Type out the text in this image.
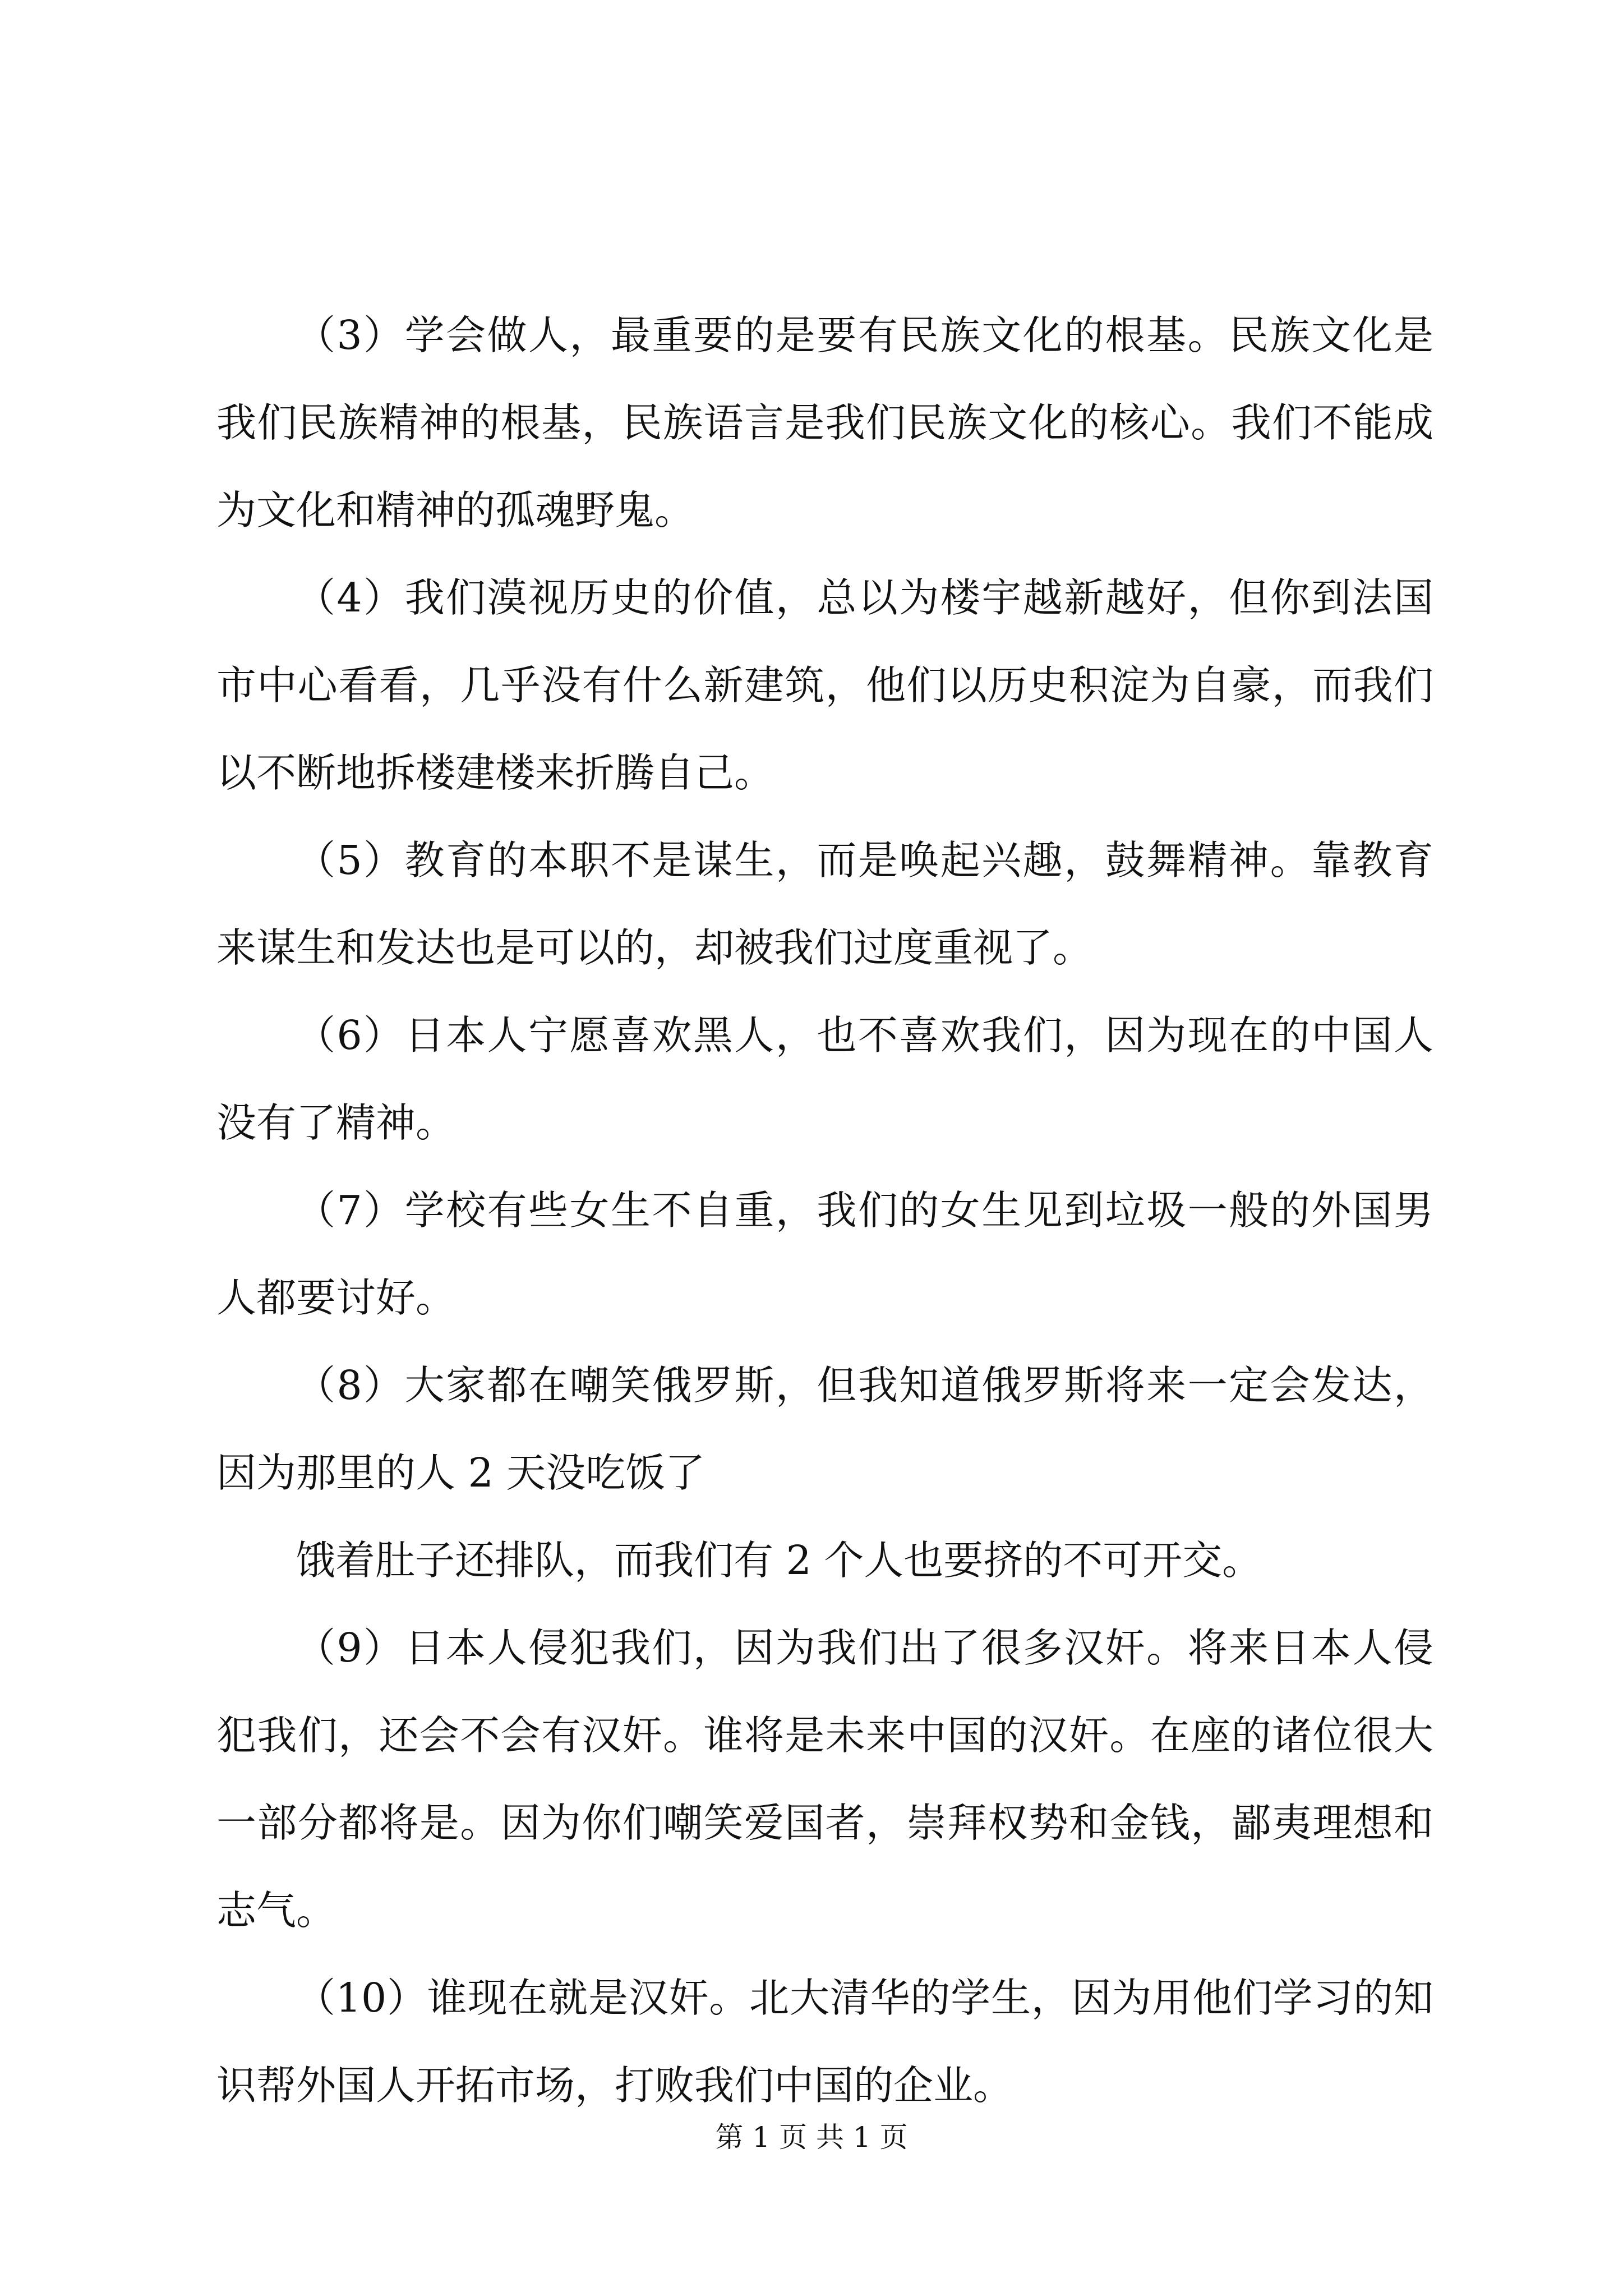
（3）学会做人，最重要的是要有民族文化的根基。民族文化是我们民族精神的根基，民族语言是我们民族文化的核心。我们不能成为文化和精神的孤魂野鬼。

（4）我们漠视历史的价值，总以为楼宇越新越好，但你到法国市中心看看，几乎没有什么新建筑，他们以历史积淀为自豪，而我们以不断地拆楼建楼来折腾自己。

（5）教育的本职不是谋生，而是唤起兴趣，鼓舞精神。靠教育来谋生和发达也是可以的，却被我们过度重视了。

（6）日本人宁愿喜欢黑人，也不喜欢我们，因为现在的中国人没有了精神。

（7）学校有些女生不自重，我们的女生见到垃圾一般的外国男人都要讨好。

（8）大家都在嘲笑俄罗斯，但我知道俄罗斯将来一定会发达，因为那里的人 2 天没吃饭了

饿着肚子还排队，而我们有 2 个人也要挤的不可开交。

（9）日本人侵犯我们，因为我们出了很多汉奸。将来日本人侵犯我们，还会不会有汉奸。谁将是未来中国的汉奸。在座的诸位很大一部分都将是。因为你们嘲笑爱国者，崇拜权势和金钱，鄙夷理想和志气。

（10）谁现在就是汉奸。北大清华的学生，因为用他们学习的知识帮外国人开拓市场，打败我们中国的企业。

第 1 页 共 1 页
